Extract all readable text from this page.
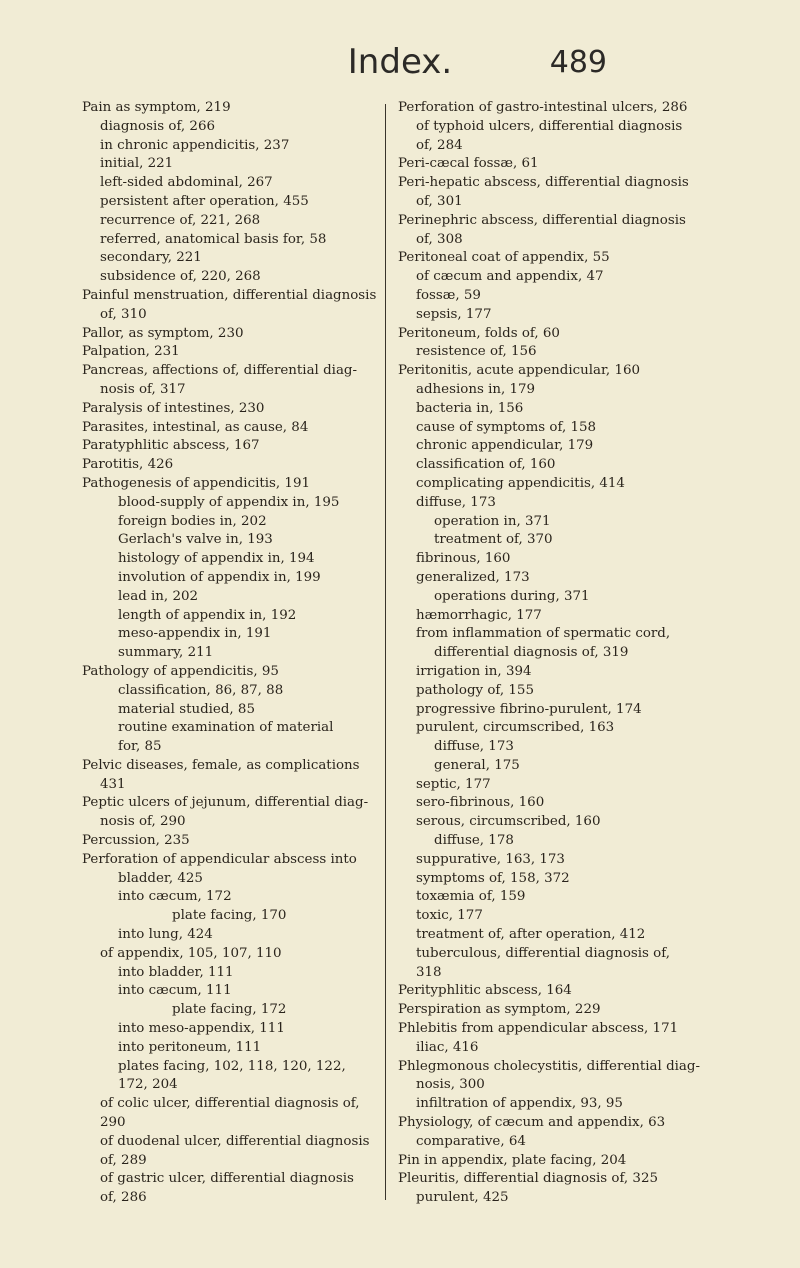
Index.	489
Pain as symptom, 219
diagnosis of, 266
in chronic appendicitis, 237
initial, 221
left-sided abdominal, 267
persistent after operation, 455
recurrence of, 221, 268
referred, anatomical basis for, 58
secondary, 221
subsidence of, 220, 268
Painful menstruation, differential diagnosis
of, 310
Pallor, as symptom, 230
Palpation, 231
Pancreas, affections of, differential diag-
nosis of, 317
Paralysis of intestines, 230
Parasites, intestinal, as cause, 84
Paratyphlitic abscess, 167
Parotitis, 426
Pathogenesis of appendicitis, 191
blood-supply of appendix in, 195
foreign bodies in, 202
Gerlach's valve in, 193
histology of appendix in, 194
involution of appendix in, 199
lead in, 202
length of appendix in, 192
meso-appendix in, 191
summary, 211
Pathology of appendicitis, 95
classification, 86, 87, 88
material studied, 85
routine examination of material
for, 85
Pelvic diseases, female, as complications
431
Peptic ulcers of jejunum, differential diag-
nosis of, 290
Percussion, 235
Perforation of appendicular abscess into
bladder, 425
into cæcum, 172
plate facing, 170
into lung, 424
of appendix, 105, 107, 110
into bladder, 111
into cæcum, 111
plate facing, 172
into meso-appendix, 111
into peritoneum, 111
plates facing, 102, 118, 120, 122,
172, 204
of colic ulcer, differential diagnosis of,
290
of duodenal ulcer, differential diagnosis
of, 289
of gastric ulcer, differential diagnosis
of, 286
Perforation of gastro-intestinal ulcers, 286
of typhoid ulcers, differential diagnosis
of, 284
Peri-cæcal fossæ, 61
Peri-hepatic abscess, differential diagnosis
of, 301
Perinephric abscess, differential diagnosis
of, 308
Peritoneal coat of appendix, 55
of cæcum and appendix, 47
fossæ, 59
sepsis, 177
Peritoneum, folds of, 60
resistence of, 156
Peritonitis, acute appendicular, 160
adhesions in, 179
bacteria in, 156
cause of symptoms of, 158
chronic appendicular, 179
classification of, 160
complicating appendicitis, 414
diffuse, 173
operation in, 371
treatment of, 370
fibrinous, 160
generalized, 173
operations during, 371
hæmorrhagic, 177
from inflammation of spermatic cord,
differential diagnosis of, 319
irrigation in, 394
pathology of, 155
progressive fibrino-purulent, 174
purulent, circumscribed, 163
diffuse, 173
general, 175
septic, 177
sero-fibrinous, 160
serous, circumscribed, 160
diffuse, 178
suppurative, 163, 173
symptoms of, 158, 372
toxæmia of, 159
toxic, 177
treatment of, after operation, 412
tuberculous, differential diagnosis of,
318
Perityphlitic abscess, 164
Perspiration as symptom, 229
Phlebitis from appendicular abscess, 171
iliac, 416
Phlegmonous cholecystitis, differential diag-
nosis, 300
infiltration of appendix, 93, 95
Physiology, of cæcum and appendix, 63
comparative, 64
Pin in appendix, plate facing, 204
Pleuritis, differential diagnosis of, 325
purulent, 425
